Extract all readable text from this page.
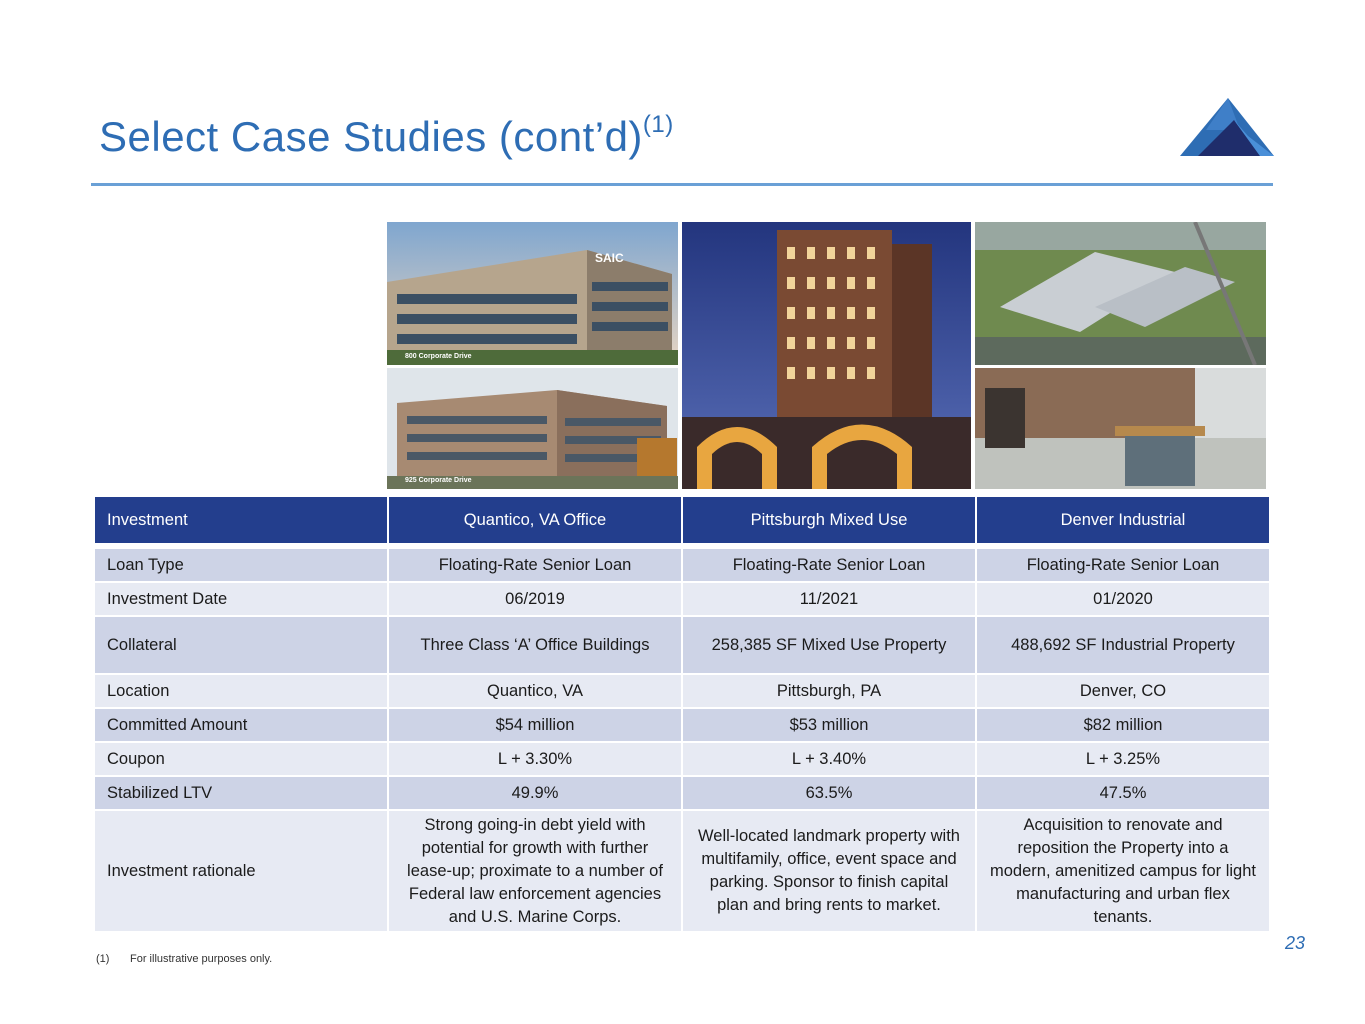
Select Case Studies (cont’d)$^{(1)}$
SAIC
800 Corporate Drive
925 Corporate Drive
Investment	Quantico, VA Office	Pittsburgh Mixed Use	Denver Industrial

Loan Type	Floating-Rate Senior Loan	Floating-Rate Senior Loan	Floating-Rate Senior Loan
Investment Date	06/2019	11/2021	01/2020
Collateral	Three Class ‘A’ Office Buildings	258,385 SF Mixed Use Property	488,692 SF Industrial Property
Location	Quantico, VA	Pittsburgh, PA	Denver, CO
Committed Amount	$54 million	$53 million	$82 million
Coupon	L + 3.30%	L + 3.40%	L + 3.25%
Stabilized LTV	49.9%	63.5%	47.5%
Investment rationale	Strong going-in debt yield with potential for growth with further lease-up; proximate to a number of Federal law enforcement agencies and U.S. Marine Corps.	Well-located landmark property with multifamily, office, event space and parking. Sponsor to finish capital plan and bring rents to market.	Acquisition to renovate and reposition the Property into a modern, amenitized campus for light manufacturing and urban flex tenants.
23
(1) For illustrative purposes only.
